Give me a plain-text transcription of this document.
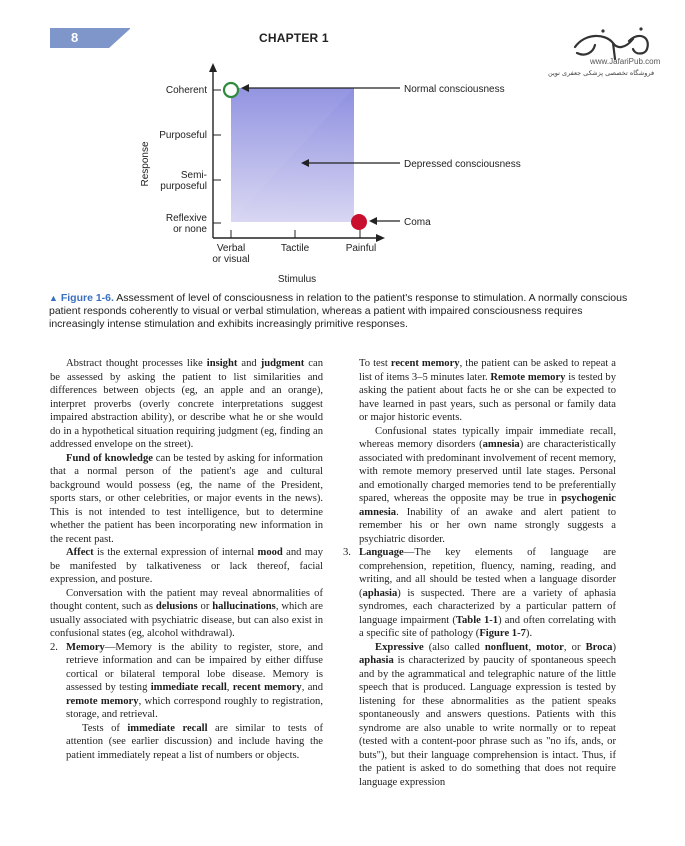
8	CHAPTER 1
www.JafariPub.com
فروشگاه تخصصی پزشکی جعفری نوین
Coherent
Purposeful
Semi-
purposeful
Reflexive
or none
Response
Verbal
or visual
Tactile	Painful
Stimulus
Normal consciousness
Depressed consciousness
Coma
▲ Figure 1-6. Assessment of level of consciousness in relation to the patient's response to stimulation. A normally conscious patient responds coherently to visual or verbal stimulation, whereas a patient with impaired consciousness requires increasingly intense stimulation and exhibits increasingly primitive responses.

Abstract thought processes like insight and judgment can be assessed by asking the patient to list similarities and differences between objects (eg, an apple and an orange), interpret proverbs (overly concrete interpretations suggest impaired abstraction ability), or describe what he or she would do in a hypothetical situation requiring judgment (eg, finding an addressed envelope on the street).

Fund of knowledge can be tested by asking for information that a normal person of the patient's age and cultural background would possess (eg, the name of the President, sports stars, or other celebrities, or major events in the news). This is not intended to test intelligence, but to determine whether the patient has been incorporating new information in the recent past.

Affect is the external expression of internal mood and may be manifested by talkativeness or lack thereof, facial expression, and posture.

Conversation with the patient may reveal abnormalities of thought content, such as delusions or hallucinations, which are usually associated with psychiatric disease, but can also exist in confusional states (eg, alcohol withdrawal).

2. Memory—Memory is the ability to register, store, and retrieve information and can be impaired by either diffuse cortical or bilateral temporal lobe disease. Memory is assessed by testing immediate recall, recent memory, and remote memory, which correspond roughly to registration, storage, and retrieval.

Tests of immediate recall are similar to tests of attention (see earlier discussion) and include having the patient immediately repeat a list of numbers or objects.

To test recent memory, the patient can be asked to repeat a list of items 3–5 minutes later. Remote memory is tested by asking the patient about facts he or she can be expected to have learned in past years, such as personal or family data or major historic events.

Confusional states typically impair immediate recall, whereas memory disorders (amnesia) are characteristically associated with predominant involvement of recent memory, with remote memory preserved until late stages. Personal and emotionally charged memories tend to be preferentially spared, whereas the opposite may be true in psychogenic amnesia. Inability of an awake and alert patient to remember his or her own name strongly suggests a psychiatric disorder.

3. Language—The key elements of language are comprehension, repetition, fluency, naming, reading, and writing, and all should be tested when a language disorder (aphasia) is suspected. There are a variety of aphasia syndromes, each characterized by a particular pattern of language impairment (Table 1-1) and often correlating with a specific site of pathology (Figure 1-7).

Expressive (also called nonfluent, motor, or Broca) aphasia is characterized by paucity of spontaneous speech and by the agrammatical and telegraphic nature of the little speech that is produced. Language expression is tested by listening for these abnormalities as the patient speaks spontaneously and answers questions. Patients with this syndrome are also unable to write normally or to repeat (tested with a content-poor phrase such as "no ifs, ands, or buts"), but their language comprehension is intact. Thus, if the patient is asked to do something that does not require language expression
